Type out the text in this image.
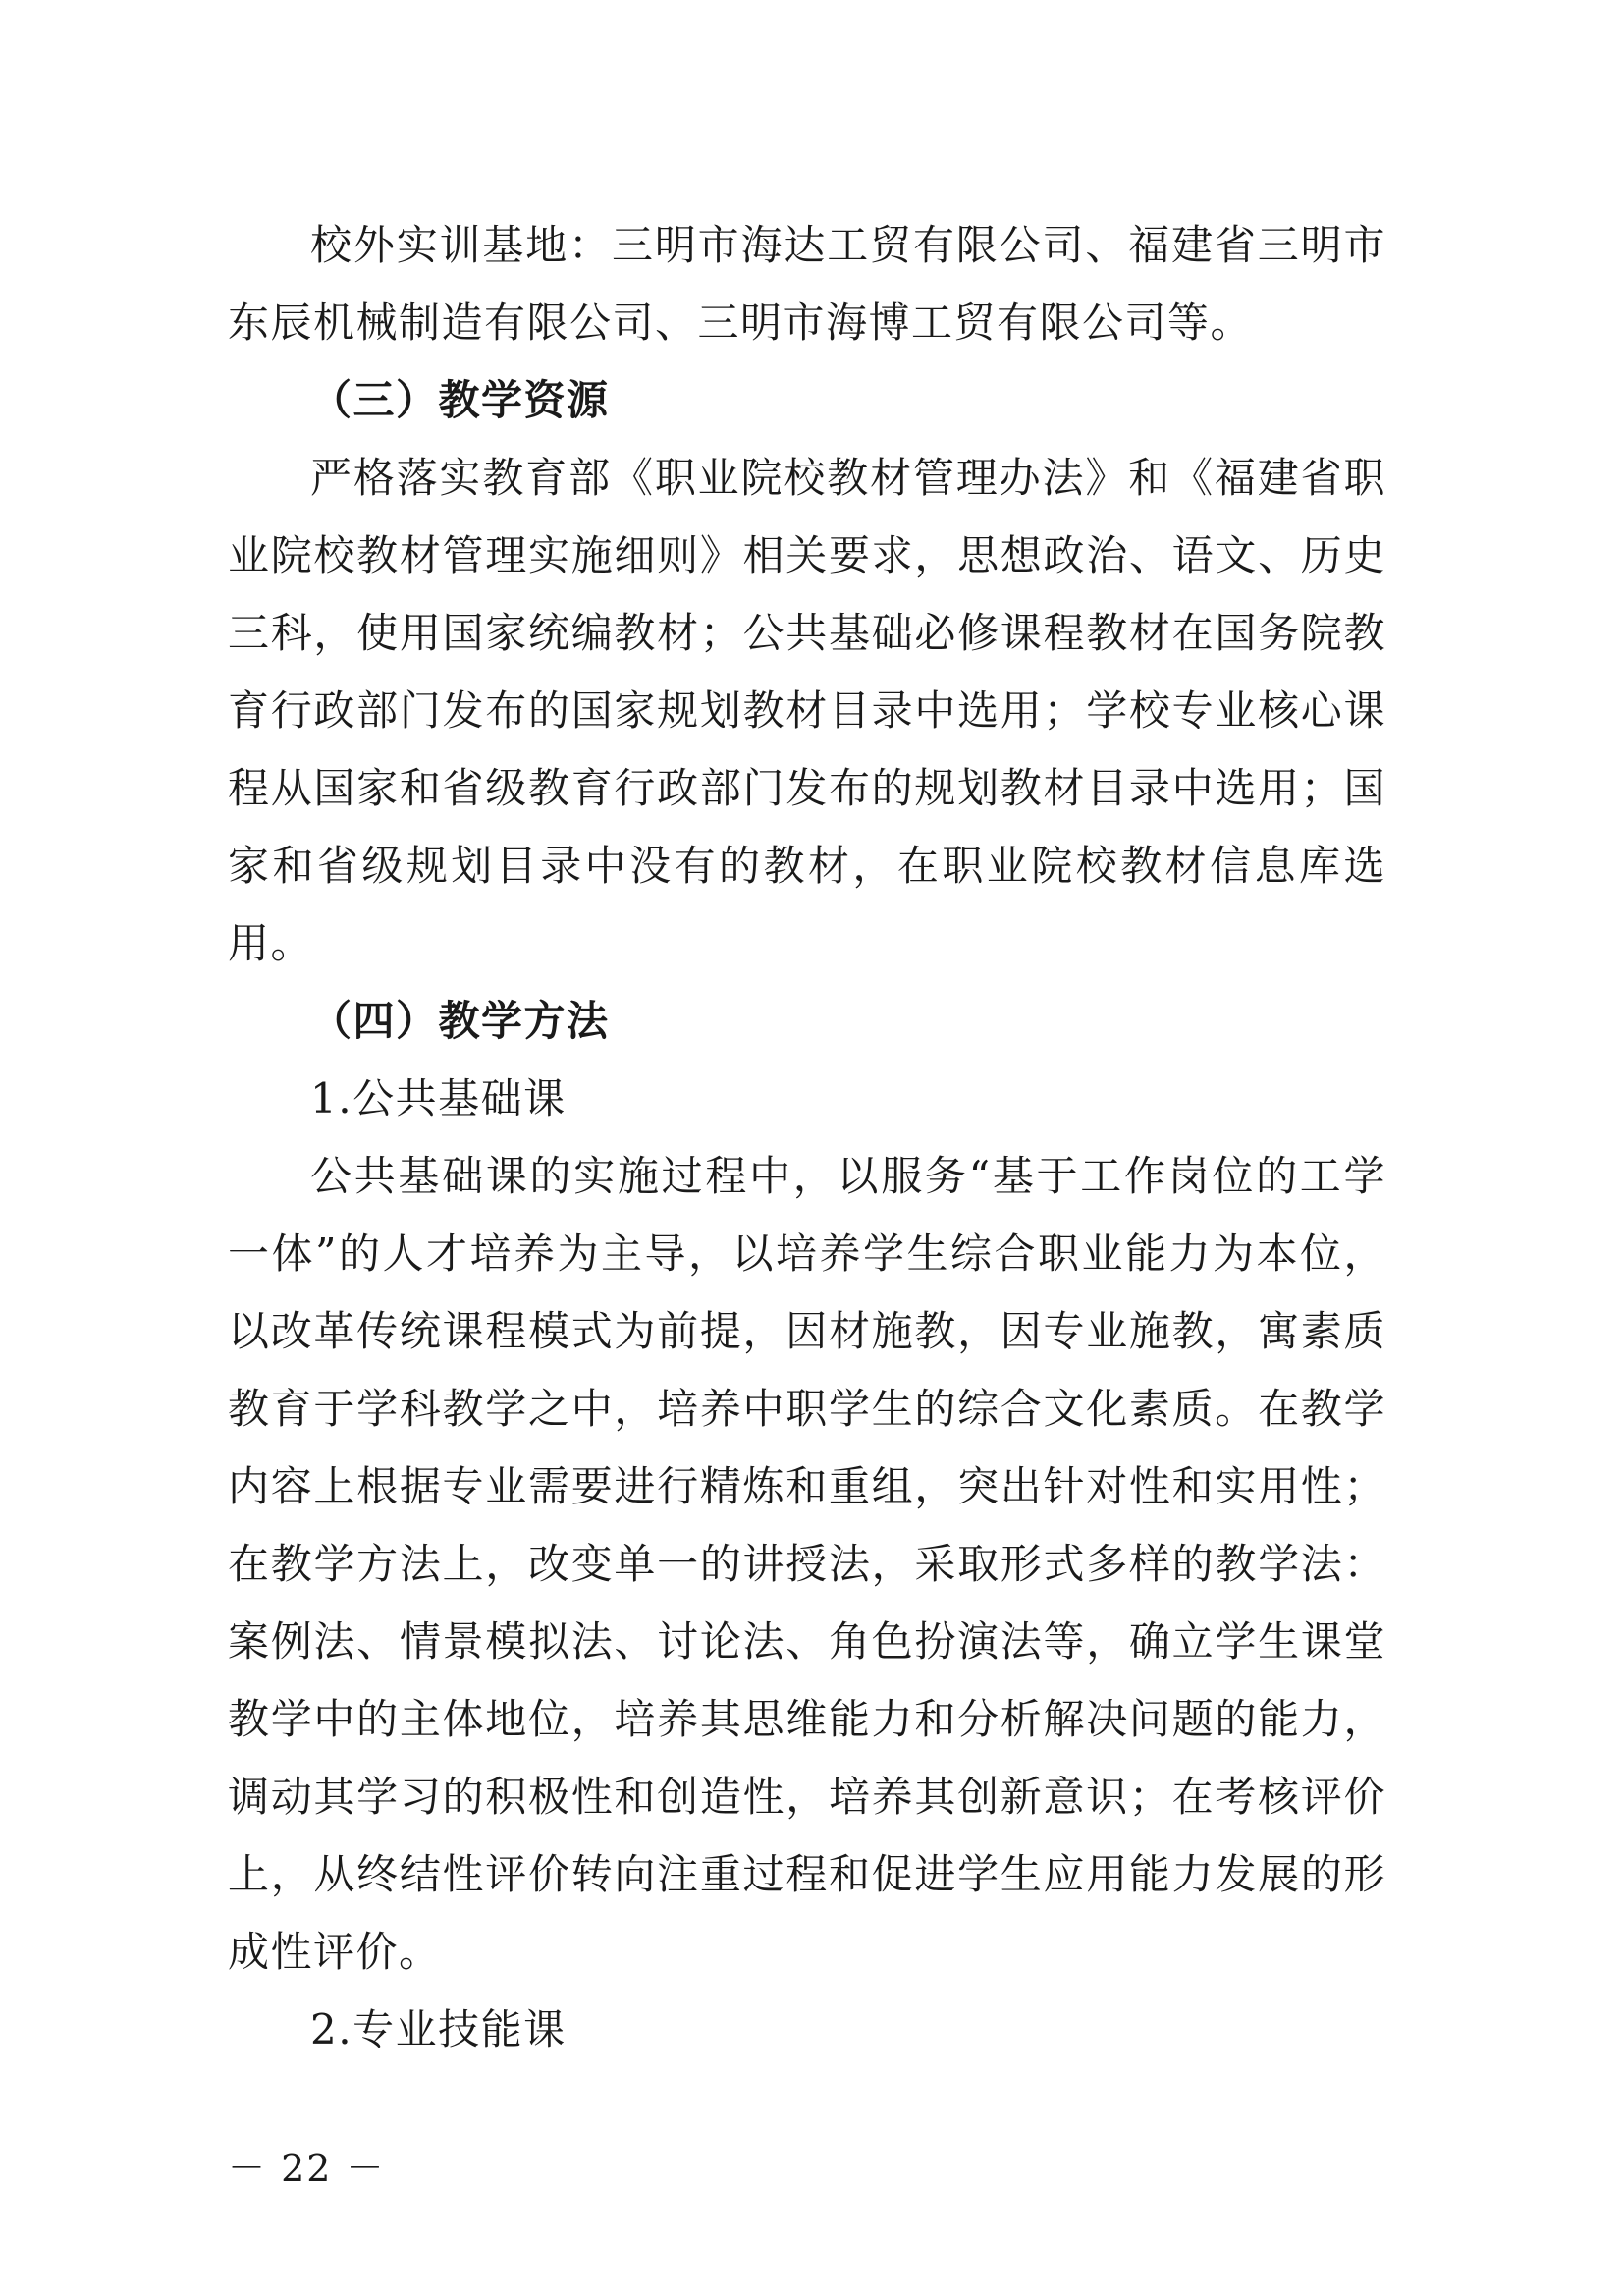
校外实训基地：三明市海达工贸有限公司、福建省三明市东辰机械制造有限公司、三明市海博工贸有限公司等。

（三）教学资源

严格落实教育部《职业院校教材管理办法》和《福建省职业院校教材管理实施细则》相关要求，思想政治、语文、历史三科，使用国家统编教材；公共基础必修课程教材在国务院教育行政部门发布的国家规划教材目录中选用；学校专业核心课程从国家和省级教育行政部门发布的规划教材目录中选用；国家和省级规划目录中没有的教材，在职业院校教材信息库选用。

（四）教学方法

1.公共基础课

公共基础课的实施过程中，以服务“基于工作岗位的工学一体”的人才培养为主导，以培养学生综合职业能力为本位，以改革传统课程模式为前提，因材施教，因专业施教，寓素质教育于学科教学之中，培养中职学生的综合文化素质。在教学内容上根据专业需要进行精炼和重组，突出针对性和实用性；在教学方法上，改变单一的讲授法，采取形式多样的教学法：案例法、情景模拟法、讨论法、角色扮演法等，确立学生课堂教学中的主体地位，培养其思维能力和分析解决问题的能力，调动其学习的积极性和创造性，培养其创新意识；在考核评价上，从终结性评价转向注重过程和促进学生应用能力发展的形成性评价。

2.专业技能课

－ 22 －
